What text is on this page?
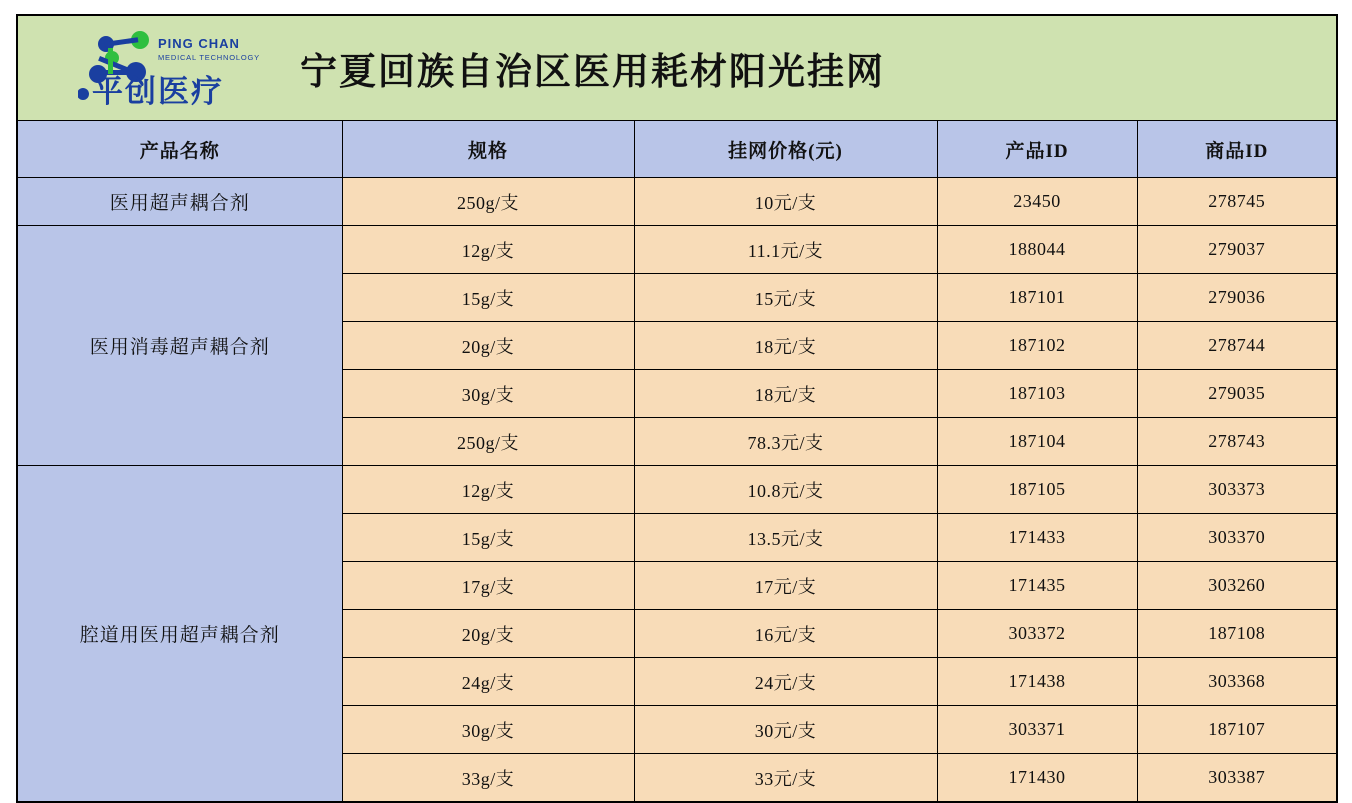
PING CHAN
MEDICAL TECHNOLOGY
平创医疗 宁夏回族自治区医用耗材阳光挂网				

产品名称	规格	挂网价格(元)	产品ID	商品ID
医用超声耦合剂	250g/支	10元/支	23450	278745
医用消毒超声耦合剂	12g/支	11.1元/支	188044	279037
	15g/支	15元/支	187101	279036
	20g/支	18元/支	187102	278744
	30g/支	18元/支	187103	279035
	250g/支	78.3元/支	187104	278743
腔道用医用超声耦合剂	12g/支	10.8元/支	187105	303373
	15g/支	13.5元/支	171433	303370
	17g/支	17元/支	171435	303260
	20g/支	16元/支	303372	187108
	24g/支	24元/支	171438	303368
	30g/支	30元/支	303371	187107
	33g/支	33元/支	171430	303387
